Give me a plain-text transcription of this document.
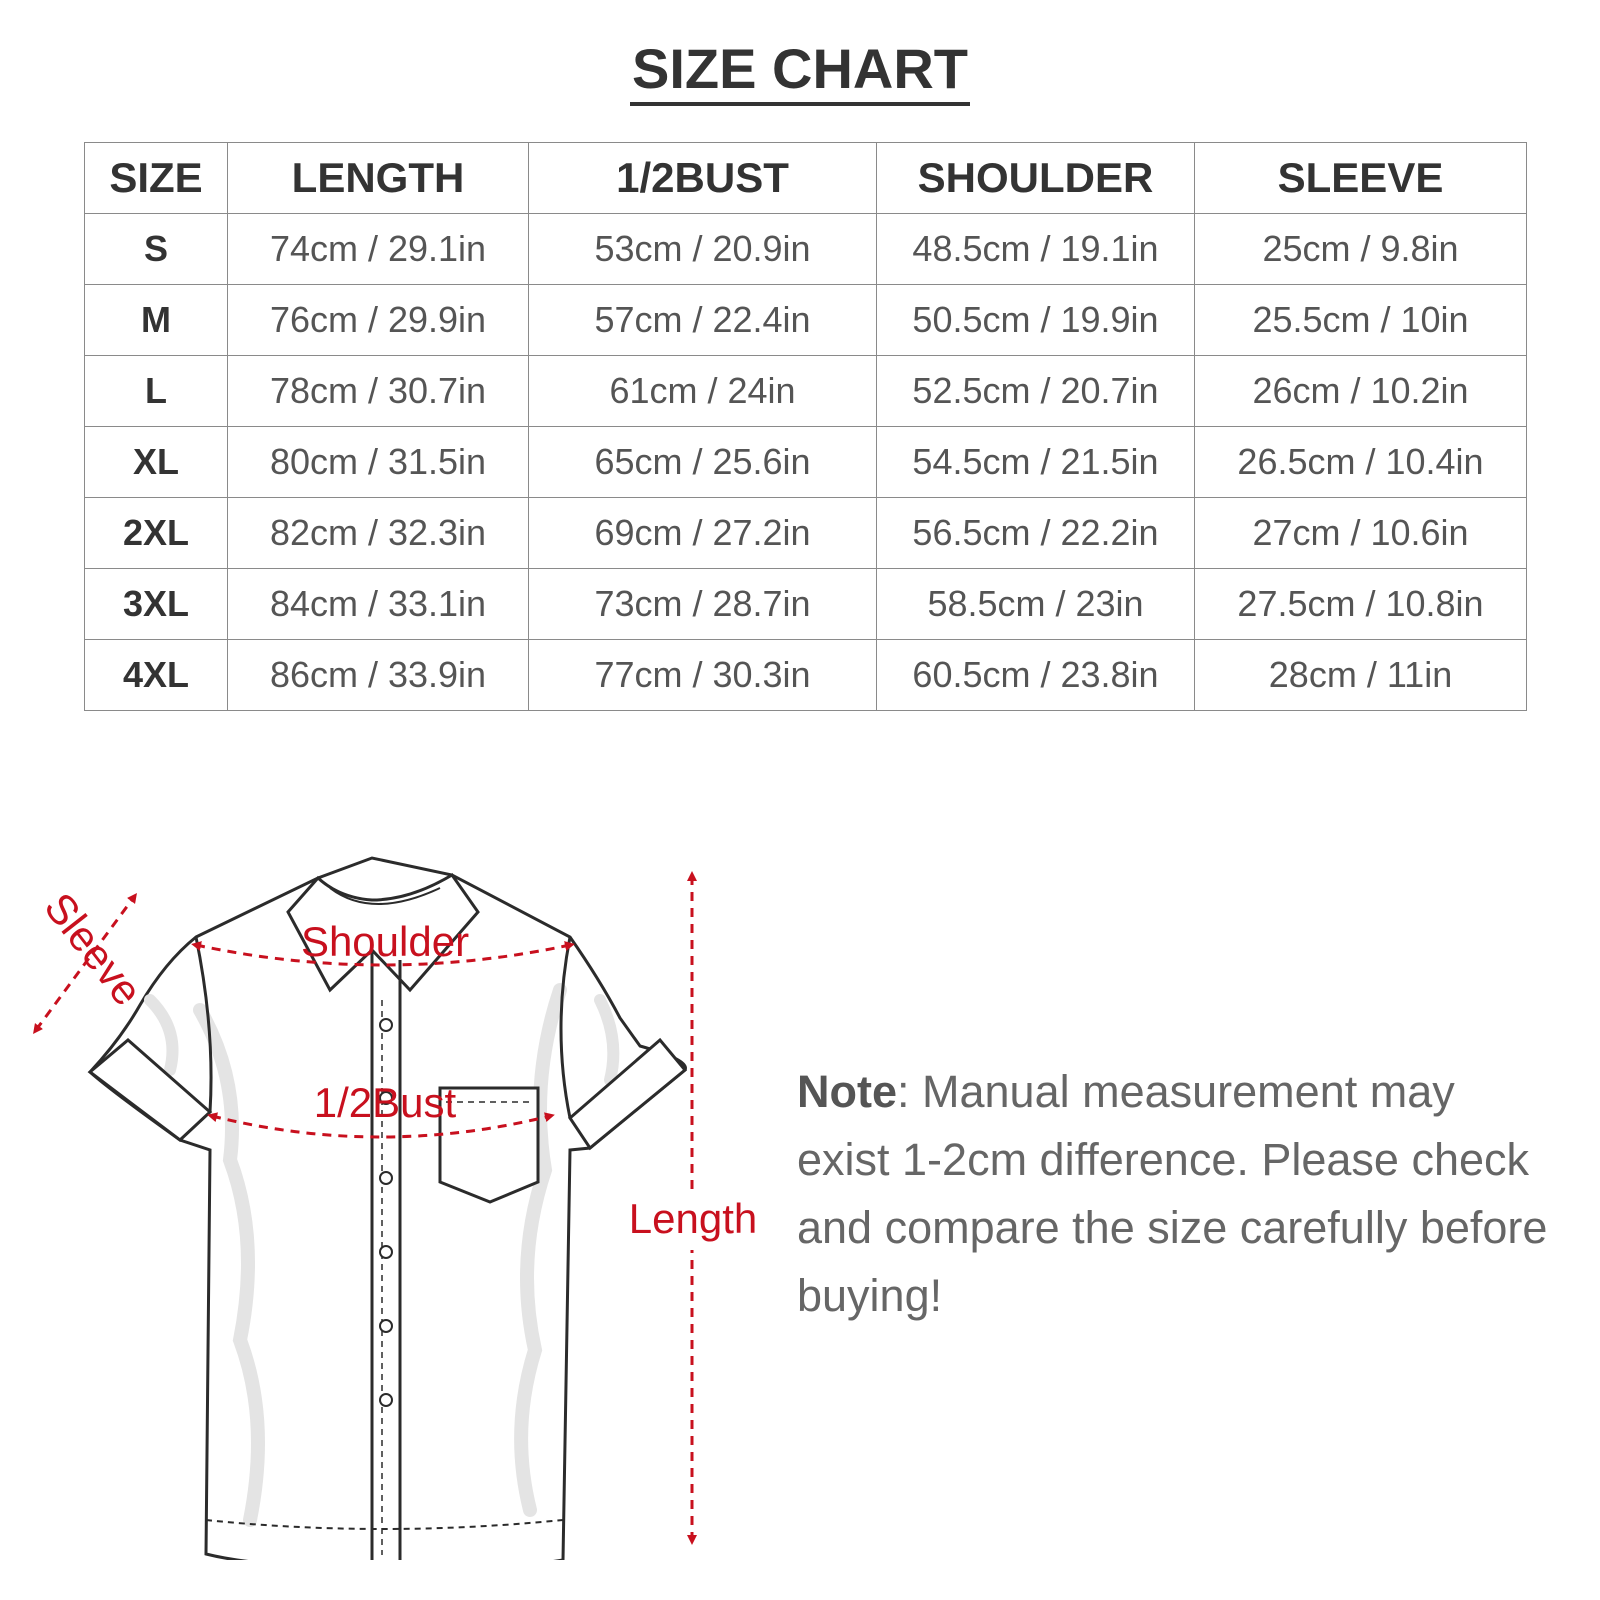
SIZE CHART
SIZE	LENGTH	1/2BUST	SHOULDER	SLEEVE
S	74cm / 29.1in	53cm / 20.9in	48.5cm / 19.1in	25cm / 9.8in
M	76cm / 29.9in	57cm / 22.4in	50.5cm / 19.9in	25.5cm / 10in
L	78cm / 30.7in	61cm / 24in	52.5cm / 20.7in	26cm / 10.2in
XL	80cm / 31.5in	65cm / 25.6in	54.5cm / 21.5in	26.5cm / 10.4in
2XL	82cm / 32.3in	69cm / 27.2in	56.5cm / 22.2in	27cm / 10.6in
3XL	84cm / 33.1in	73cm / 28.7in	58.5cm / 23in	27.5cm / 10.8in
4XL	86cm / 33.9in	77cm / 30.3in	60.5cm / 23.8in	28cm / 11in
Sleeve	Shoulder
1/2Bust
Length
Note: Manual measurement may exist 1-2cm difference. Please check and compare the size carefully before buying!
